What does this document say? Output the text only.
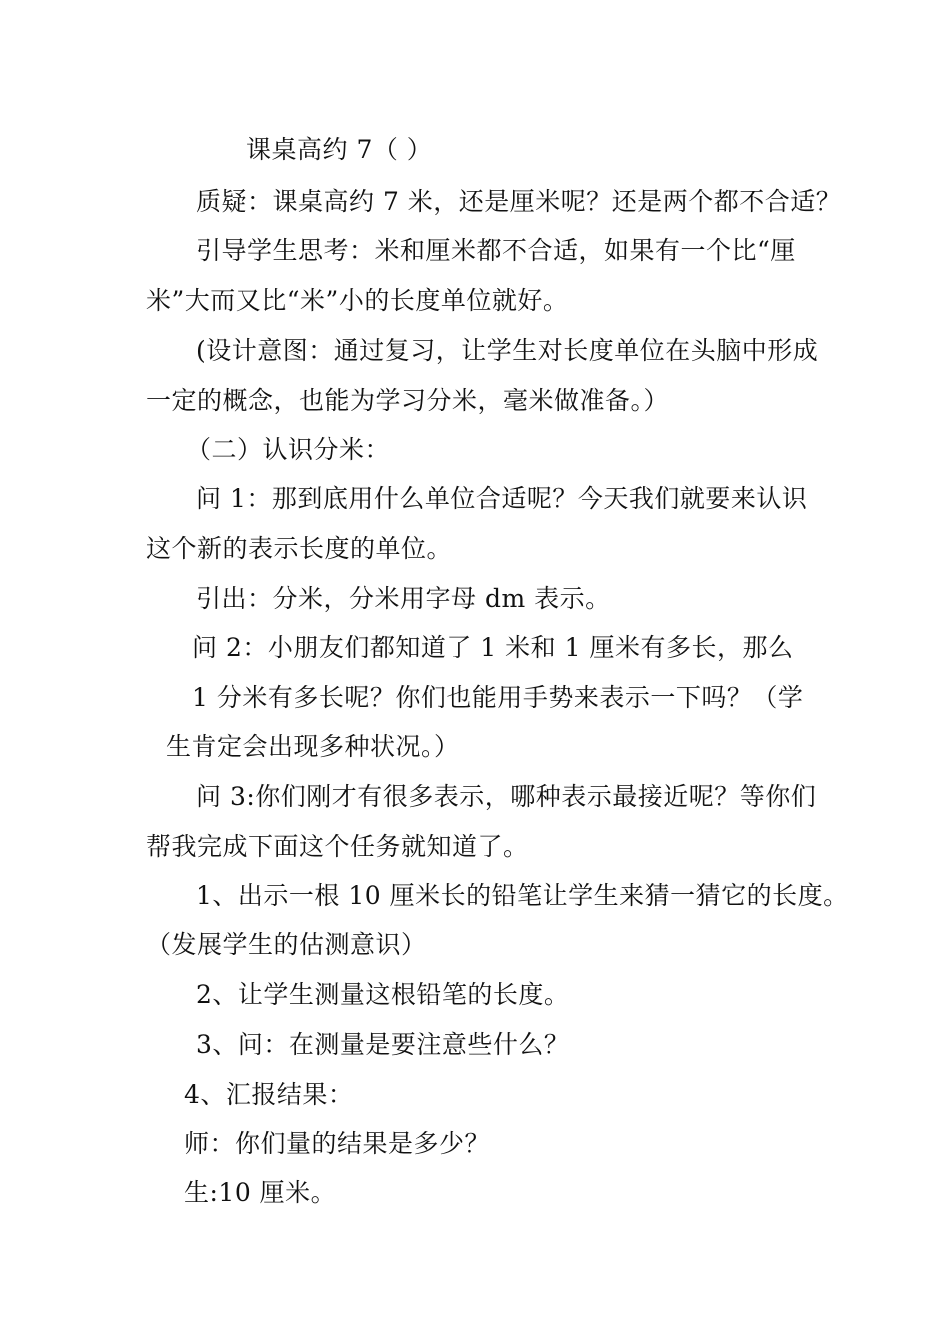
课桌高约 7（ ）
质疑：课桌高约 7 米，还是厘米呢？还是两个都不合适？
引导学生思考：米和厘米都不合适，如果有一个比“厘
米”大而又比“米”小的长度单位就好。
(设计意图：通过复习，让学生对长度单位在头脑中形成
一定的概念，也能为学习分米，毫米做准备。）
（二）认识分米：
问 1：那到底用什么单位合适呢？今天我们就要来认识
这个新的表示长度的单位。
引出：分米，分米用字母 dm 表示。
问 2：小朋友们都知道了 1 米和 1 厘米有多长，那么
1 分米有多长呢？你们也能用手势来表示一下吗？（学
生肯定会出现多种状况。）
问 3:你们刚才有很多表示，哪种表示最接近呢？等你们
帮我完成下面这个任务就知道了。
1、出示一根 10 厘米长的铅笔让学生来猜一猜它的长度。
（发展学生的估测意识）
2、让学生测量这根铅笔的长度。
3、问：在测量是要注意些什么？
4、汇报结果：
师：你们量的结果是多少？
生:10 厘米。
